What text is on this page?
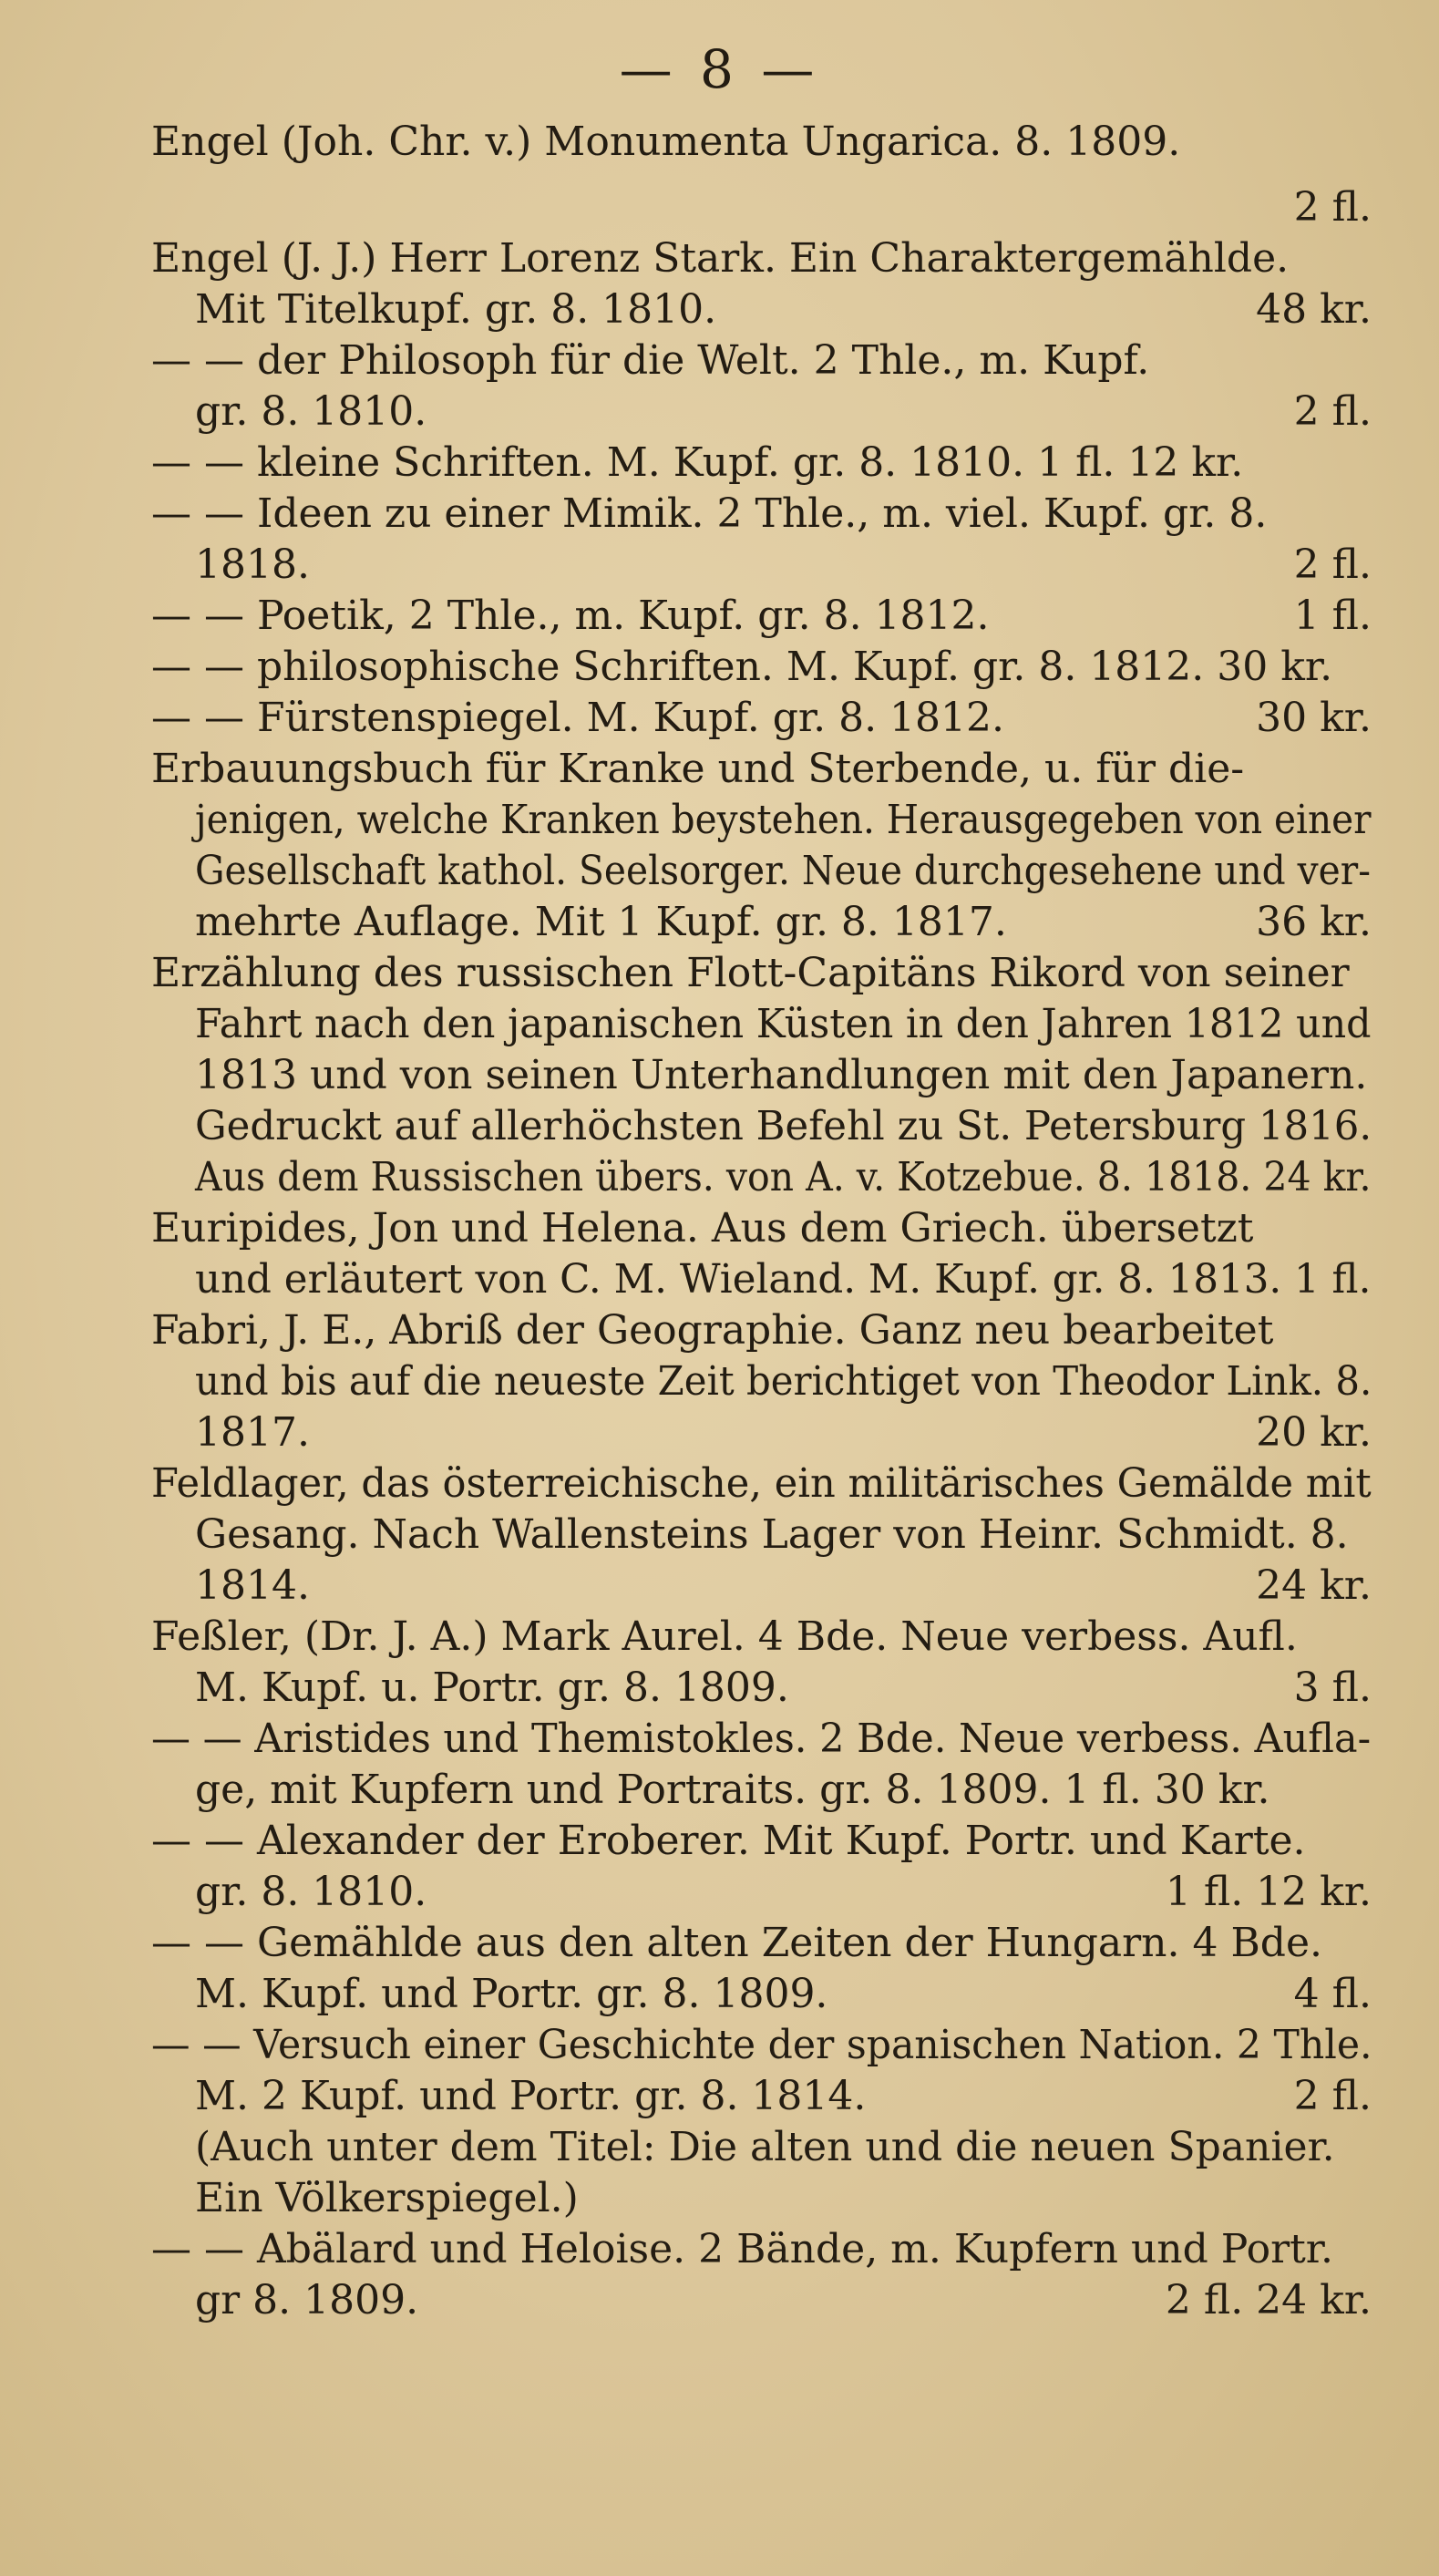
— 8 —
Engel (Joh. Chr. v.) Monumenta Ungarica. 8. 1809.
2 fl.
Engel (J. J.) Herr Lorenz Stark. Ein Charaktergemählde.
Mit Titelkupf. gr. 8. 1810.	48 kr.
— — der Philosoph für die Welt. 2 Thle., m. Kupf.
gr. 8. 1810.	2 fl.
— — kleine Schriften. M. Kupf. gr. 8. 1810. 1 fl. 12 kr.
— — Ideen zu einer Mimik. 2 Thle., m. viel. Kupf. gr. 8.
1818.	2 fl.
— — Poetik, 2 Thle., m. Kupf. gr. 8. 1812.	1 fl.
— — philosophische Schriften. M. Kupf. gr. 8. 1812. 30 kr.
— — Fürstenspiegel. M. Kupf. gr. 8. 1812.	30 kr.
Erbauungsbuch für Kranke und Sterbende, u. für die-
jenigen, welche Kranken beystehen. Herausgegeben von einer
Gesellschaft kathol. Seelsorger. Neue durchgesehene und ver-
mehrte Auflage. Mit 1 Kupf. gr. 8. 1817.	36 kr.
Erzählung des russischen Flott-Capitäns Rikord von seiner
Fahrt nach den japanischen Küsten in den Jahren 1812 und
1813 und von seinen Unterhandlungen mit den Japanern.
Gedruckt auf allerhöchsten Befehl zu St. Petersburg 1816.
Aus dem Russischen übers. von A. v. Kotzebue. 8. 1818. 24 kr.
Euripides, Jon und Helena. Aus dem Griech. übersetzt
und erläutert von C. M. Wieland. M. Kupf. gr. 8. 1813. 1 fl.
Fabri, J. E., Abriß der Geographie. Ganz neu bearbeitet
und bis auf die neueste Zeit berichtiget von Theodor Link. 8.
1817.	20 kr.
Feldlager, das österreichische, ein militärisches Gemälde mit
Gesang. Nach Wallensteins Lager von Heinr. Schmidt. 8.
1814.	24 kr.
Feßler, (Dr. J. A.) Mark Aurel. 4 Bde. Neue verbess. Aufl.
M. Kupf. u. Portr. gr. 8. 1809.	3 fl.
— — Aristides und Themistokles. 2 Bde. Neue verbess. Aufla-
ge, mit Kupfern und Portraits. gr. 8. 1809. 1 fl. 30 kr.
— — Alexander der Eroberer. Mit Kupf. Portr. und Karte.
gr. 8. 1810.	1 fl. 12 kr.
— — Gemählde aus den alten Zeiten der Hungarn. 4 Bde.
M. Kupf. und Portr. gr. 8. 1809.	4 fl.
— — Versuch einer Geschichte der spanischen Nation. 2 Thle.
M. 2 Kupf. und Portr. gr. 8. 1814.	2 fl.
(Auch unter dem Titel: Die alten und die neuen Spanier.
Ein Völkerspiegel.)
— — Abälard und Heloise. 2 Bände, m. Kupfern und Portr.
gr 8. 1809.	2 fl. 24 kr.
